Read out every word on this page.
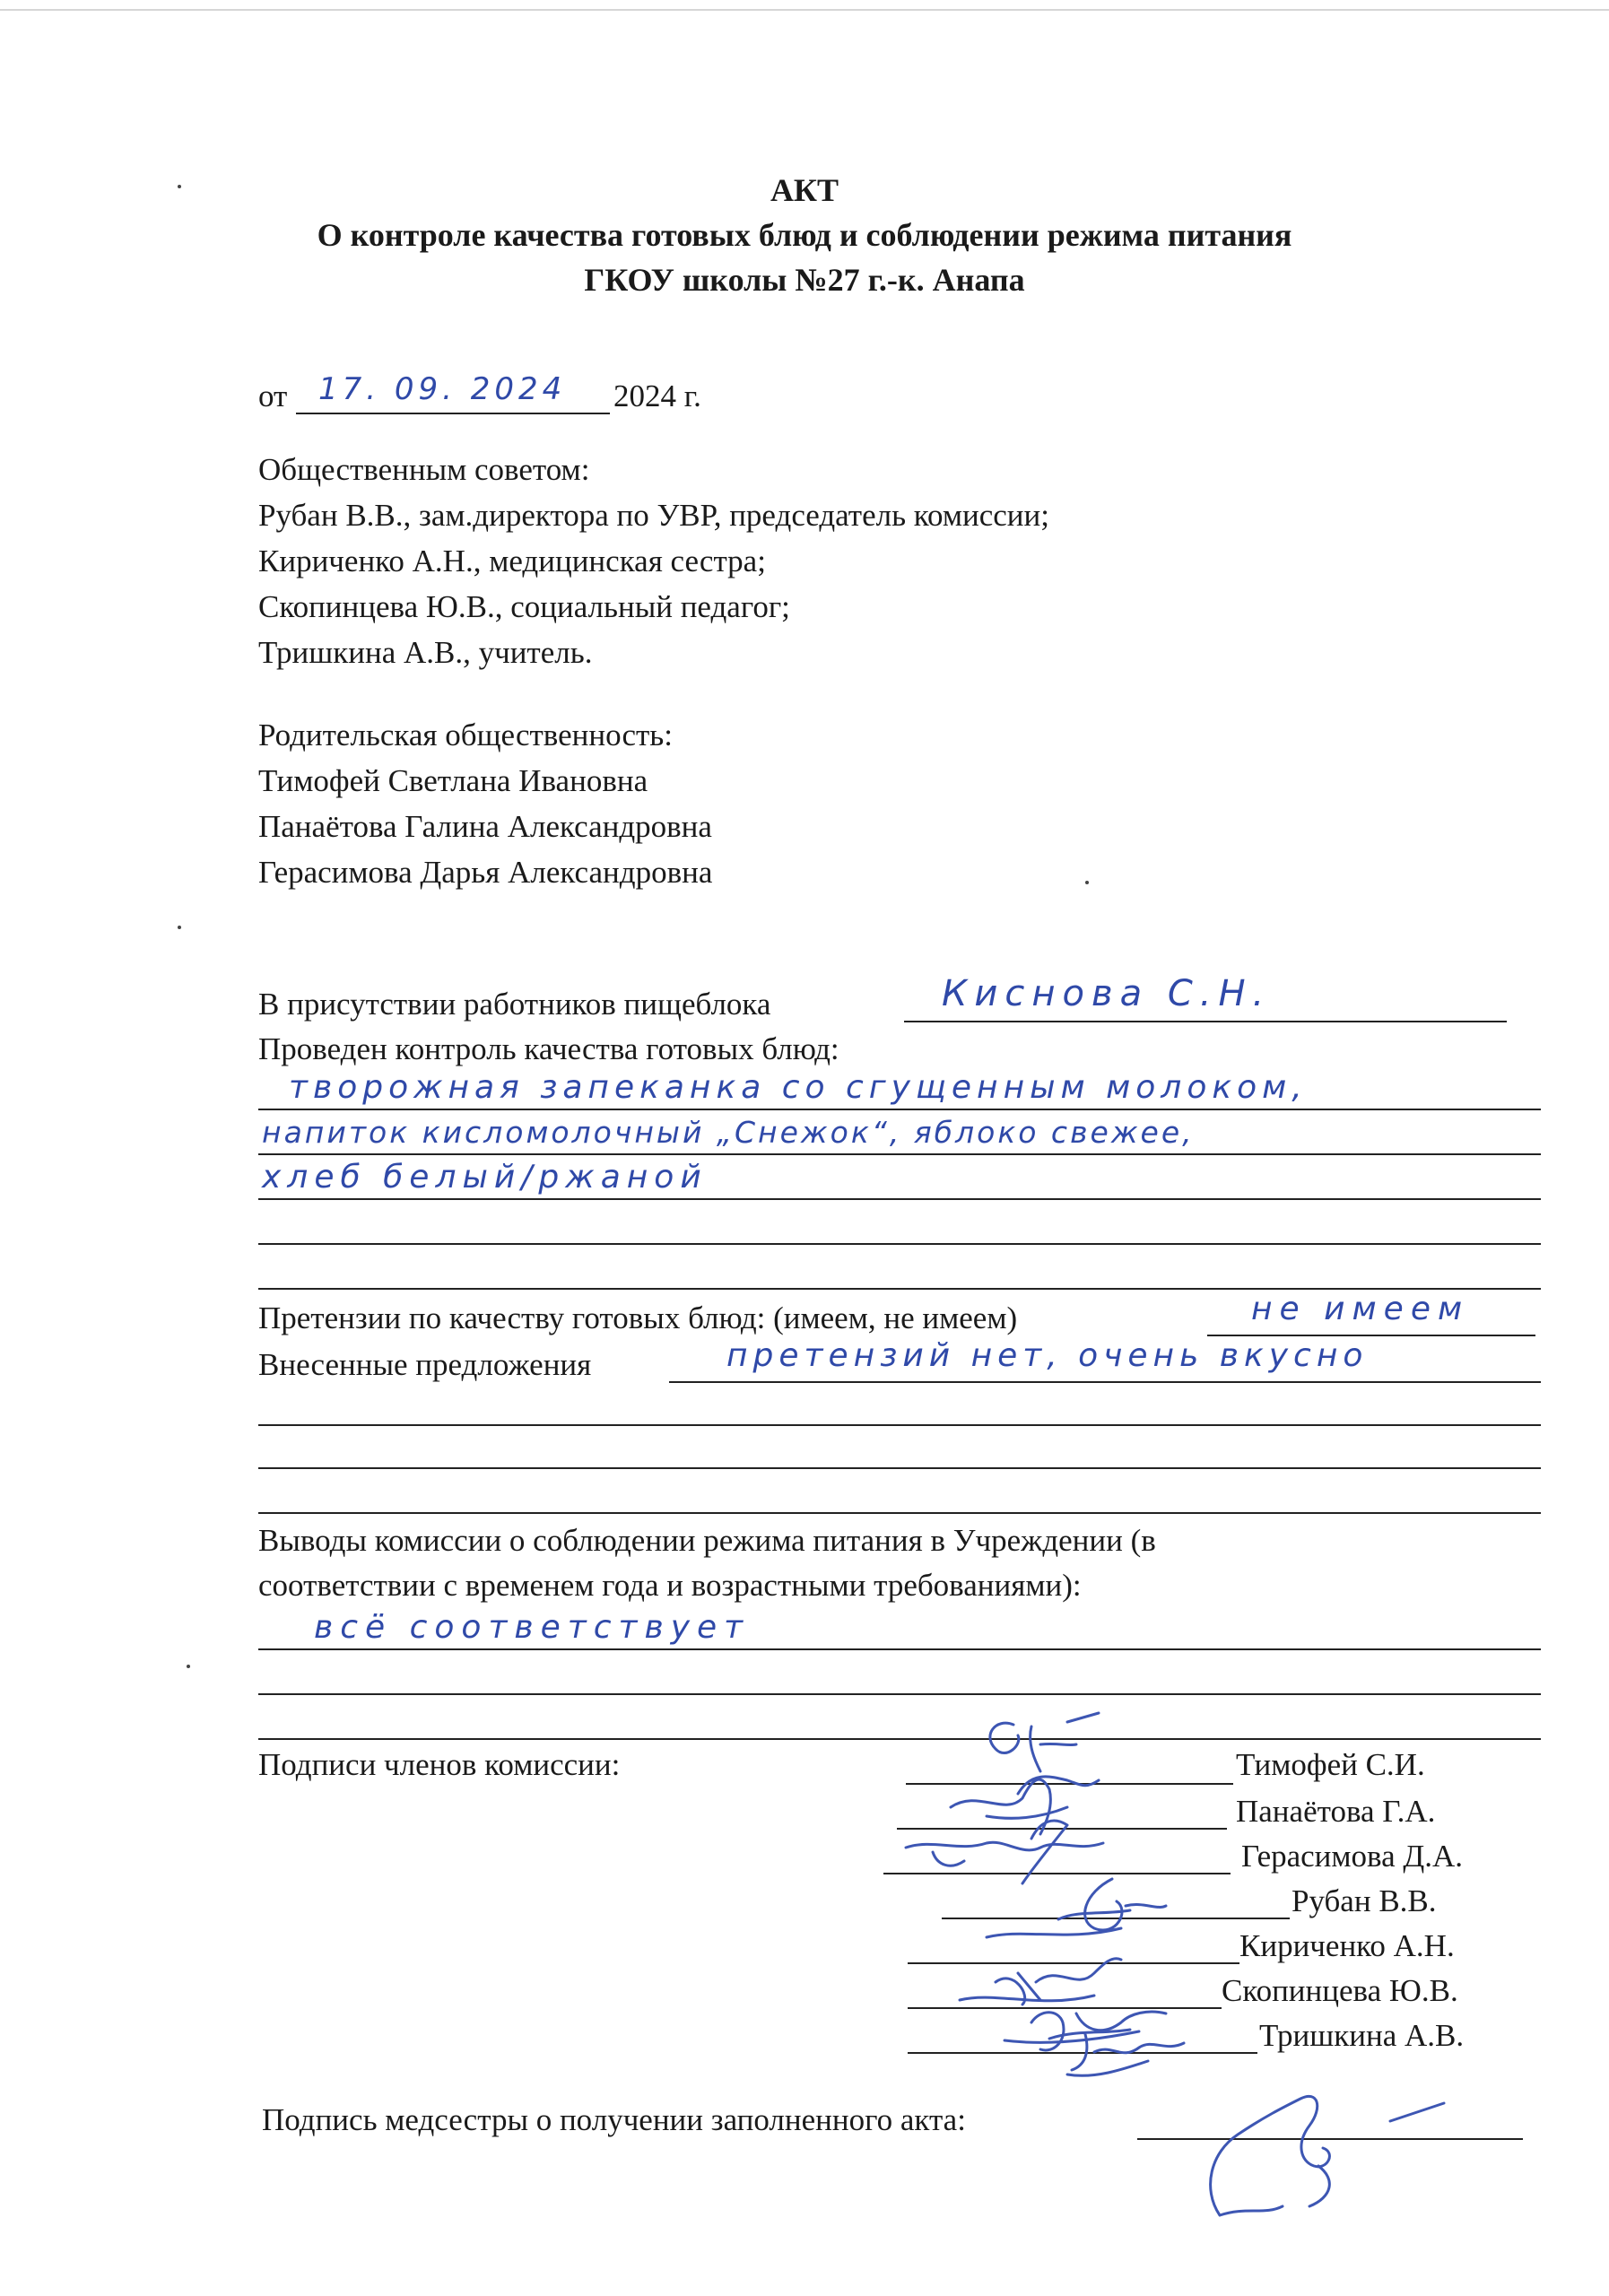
АКТ
О контроле качества готовых блюд и соблюдении режима питания
ГКОУ школы №27 г.-к. Анапа
от 17. 09. 2024 2024 г.
Общественным советом:
Рубан В.В., зам.директора по УВР, председатель комиссии;
Кириченко А.Н., медицинская сестра;
Скопинцева Ю.В., социальный педагог;
Тришкина А.В., учитель.
Родительская общественность:
Тимофей Светлана Ивановна
Панаётова Галина Александровна
Герасимова Дарья Александровна
В присутствии работников пищеблока	Киснова С.Н.
Проведен контроль качества готовых блюд:
творожная запеканка со сгущенным молоком,
напиток кисломолочный „Снежок“, яблоко свежее,
хлеб белый/ржаной
Претензии по качеству готовых блюд: (имеем, не имеем)	не имеем
Внесенные предложения	претензий нет, очень вкусно
Выводы комиссии о соблюдении режима питания в Учреждении (в
соответствии с временем года и возрастными требованиями):
всё соответствует
Подписи членов комиссии:	Тимофей С.И.
Панаётова Г.А.
Герасимова Д.А.
Рубан В.В.
Кириченко А.Н.
Скопинцева Ю.В.
Тришкина А.В.
Подпись медсестры о получении заполненного акта:
